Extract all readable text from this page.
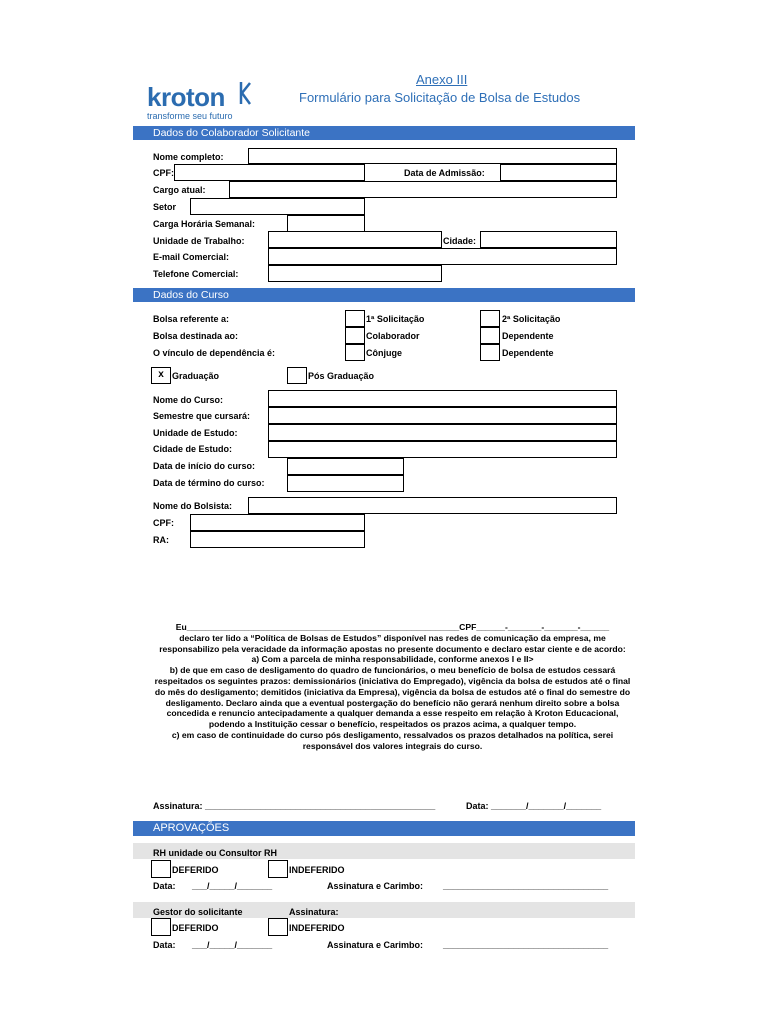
kroton
transforme seu futuro
Anexo III
Formulário para Solicitação de Bolsa de Estudos
Dados do Colaborador Solicitante
Nome completo:
CPF:	Data de Admissão:
Cargo atual:
Setor
Carga Horária Semanal:
Unidade de Trabalho:	Cidade:
E-mail Comercial:
Telefone Comercial:
Dados do Curso
Bolsa referente a:	1ª Solicitação	2ª Solicitação
Bolsa destinada ao:	Colaborador	Dependente
O vínculo de dependência é:	Cônjuge	Dependente
x Graduação	Pós Graduação
Nome do Curso:
Semestre que cursará:
Unidade de Estudo:
Cidade de Estudo:
Data de início do curso:
Data de término do curso:
Nome do Bolsista:
CPF:
RA:

Eu_________________________________________________________CPF______-_______-_______-______

declaro ter lido a “Política de Bolsas de Estudos” disponível nas redes de comunicação da empresa, me responsabilizo pela veracidade da informação apostas no presente documento e declaro estar ciente e de acordo:

a) Com a parcela de minha responsabilidade, conforme anexos I e II>

b) de que em caso de desligamento do quadro de funcionários, o meu benefício de bolsa de estudos cessará respeitados os seguintes prazos: demissionários (iniciativa do Empregado), vigência da bolsa de estudos até o final do mês do desligamento; demitidos (iniciativa da Empresa), vigência da bolsa de estudos até o final do semestre do desligamento. Declaro ainda que a eventual postergação do benefício não gerará nenhum direito sobre a bolsa concedida e renuncio antecipadamente a qualquer demanda a esse respeito em relação à Kroton Educacional, podendo a Instituição cessar o benefício, respeitados os prazos acima, a qualquer tempo.

c) em caso de continuidade do curso pós desligamento, ressalvados os prazos detalhados na política, serei responsável dos valores integrais do curso.

Assinatura: ______________________________________________	Data: _______/_______/_______
APROVAÇÕES
RH unidade ou Consultor RH
DEFERIDO	INDEFERIDO
Data: ___/_____/_______	Assinatura e Carimbo: _________________________________
Gestor do solicitante	Assinatura:
DEFERIDO	INDEFERIDO
Data: ___/_____/_______	Assinatura e Carimbo: _________________________________
